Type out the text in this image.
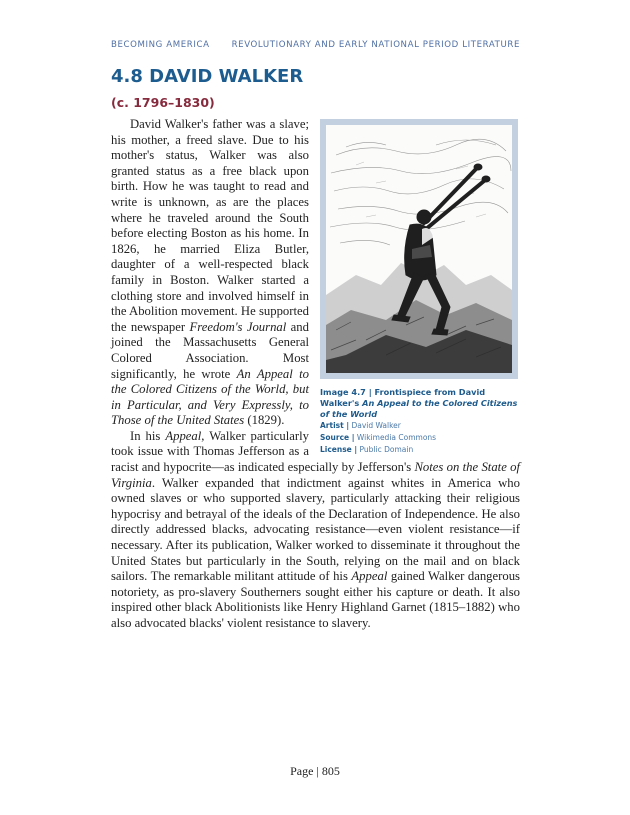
BECOMING AMERICA	REVOLUTIONARY AND EARLY NATIONAL PERIOD LITERATURE
4.8 DAVID WALKER
(c. 1796–1830)
Image 4.7 | Frontispiece from David Walker's An Appeal to the Colored Citizens of the World
Artist | David Walker
Source | Wikimedia Commons
License | Public Domain

David Walker's father was a slave; his mother, a freed slave. Due to his mother's status, Walker was also granted status as a free black upon birth. How he was taught to read and write is unknown, as are the places where he traveled around the South before electing Boston as his home. In 1826, he married Eliza Butler, daughter of a well-respected black family in Boston. Walker started a clothing store and involved himself in the Abolition movement. He supported the newspaper Freedom's Journal and joined the Massachusetts General Colored Association. Most significantly, he wrote An Appeal to the Colored Citizens of the World, but in Particular, and Very Expressly, to Those of the United States (1829).

In his Appeal, Walker particularly took issue with Thomas Jefferson as a racist and hypocrite—as indicated especially by Jefferson's Notes on the State of Virginia. Walker expanded that indictment against whites in America who owned slaves or who supported slavery, particularly attacking their religious hypocrisy and betrayal of the ideals of the Declaration of Independence. He also directly addressed blacks, advocating resistance—even violent resistance—if necessary. After its publication, Walker worked to disseminate it throughout the United States but particularly in the South, relying on the mail and on black sailors. The remarkable militant attitude of his Appeal gained Walker dangerous notoriety, as pro-slavery Southerners sought either his capture or death. It also inspired other black Abolitionists like Henry Highland Garnet (1815–1882) who also advocated blacks' violent resistance to slavery.

Page | 805
